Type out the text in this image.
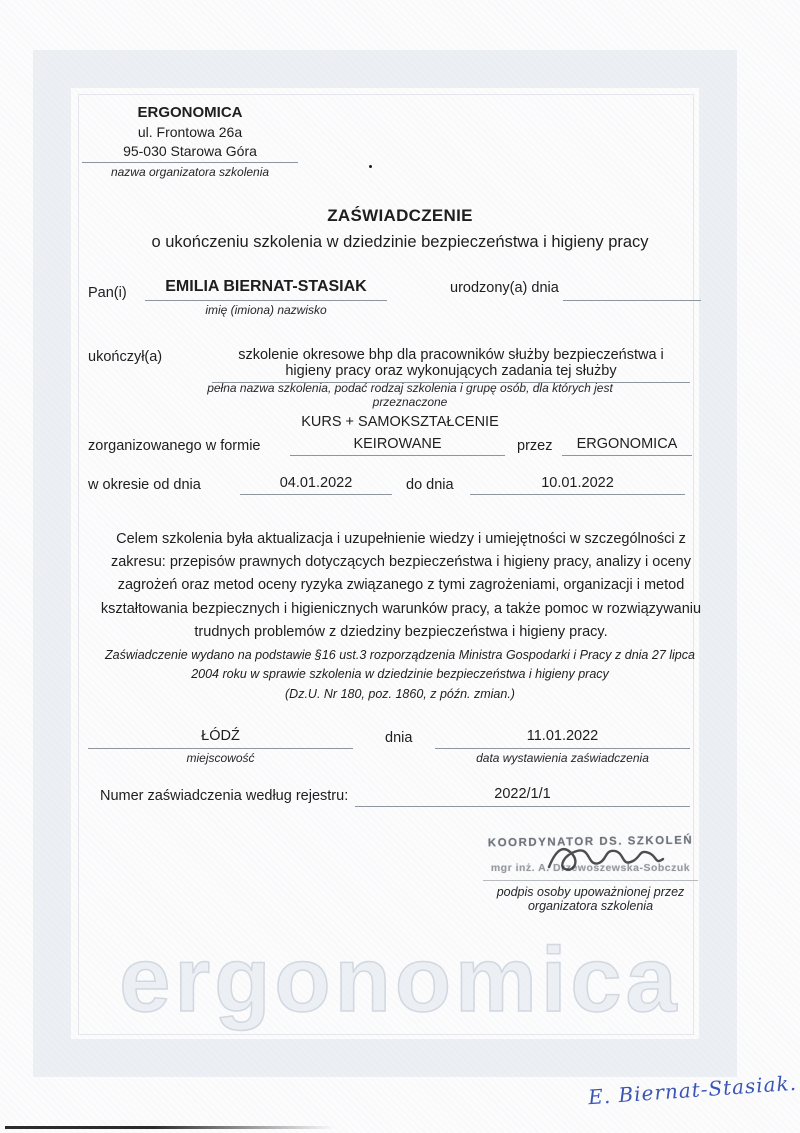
ERGONOMICA
ul. Frontowa 26a
95-030 Starowa Góra
nazwa organizatora szkolenia
ZAŚWIADCZENIE
o ukończeniu szkolenia w dziedzinie bezpieczeństwa i higieny pracy
Pan(i)	EMILIA BIERNAT-STASIAK
imię (imiona) nazwisko
urodzony(a) dnia
ukończył(a)	szkolenie okresowe bhp dla pracowników służby bezpieczeństwa i
higieny pracy oraz wykonujących zadania tej służby
pełna nazwa szkolenia, podać rodzaj szkolenia i grupę osób, dla których jest
przeznaczone
KURS + SAMOKSZTAŁCENIE
zorganizowanego w formie	KEIROWANE	przez	ERGONOMICA
w okresie od dnia	04.01.2022	do dnia	10.01.2022
Celem szkolenia była aktualizacja i uzupełnienie wiedzy i umiejętności w szczególności z zakresu: przepisów prawnych dotyczących bezpieczeństwa i higieny pracy, analizy i oceny zagrożeń oraz metod oceny ryzyka związanego z tymi zagrożeniami, organizacji i metod kształtowania bezpiecznych i higienicznych warunków pracy, a także pomoc w rozwiązywaniu trudnych problemów z dziedziny bezpieczeństwa i higieny pracy.
Zaświadczenie wydano na podstawie §16 ust.3 rozporządzenia Ministra Gospodarki i Pracy z dnia 27 lipca
2004 roku w sprawie szkolenia w dziedzinie bezpieczeństwa i higieny pracy
(Dz.U. Nr 180, poz. 1860, z późn. zmian.)
ŁÓDŹ
miejscowość
dnia	11.01.2022
data wystawienia zaświadczenia
Numer zaświadczenia według rejestru:	2022/1/1
KOORDYNATOR DS. SZKOLEŃ
mgr inż. A. Drzewoszewska-Sobczuk
podpis osoby upoważnionej przez
organizatora szkolenia
ergonomica
E. Biernat-Stasiak.
